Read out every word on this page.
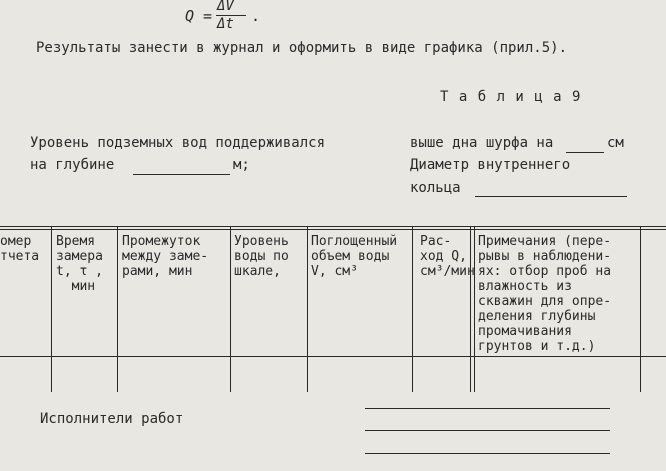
Q =
ΔV
Δt .
Результаты занести в журнал и оформить в виде графика (прил.5).
Т а б л и ц а 9
Уровень подземных вод поддерживался
на глубине	м;
выше дна шурфа на	см
Диаметр внутреннего
кольца
омер
тчета
Время
замера
t, τ ,
мин
Промежуток
между заме-
рами, мин
Уровень
воды по
шкале,
Поглощенный
объем воды
V, см³
Рас-
ход Q,
см³/мин
Примечания (пере-
рывы в наблюдени-
ях: отбор проб на
влажность из
скважин для опре-
деления глубины
промачивания
грунтов и т.д.)
Исполнители работ
